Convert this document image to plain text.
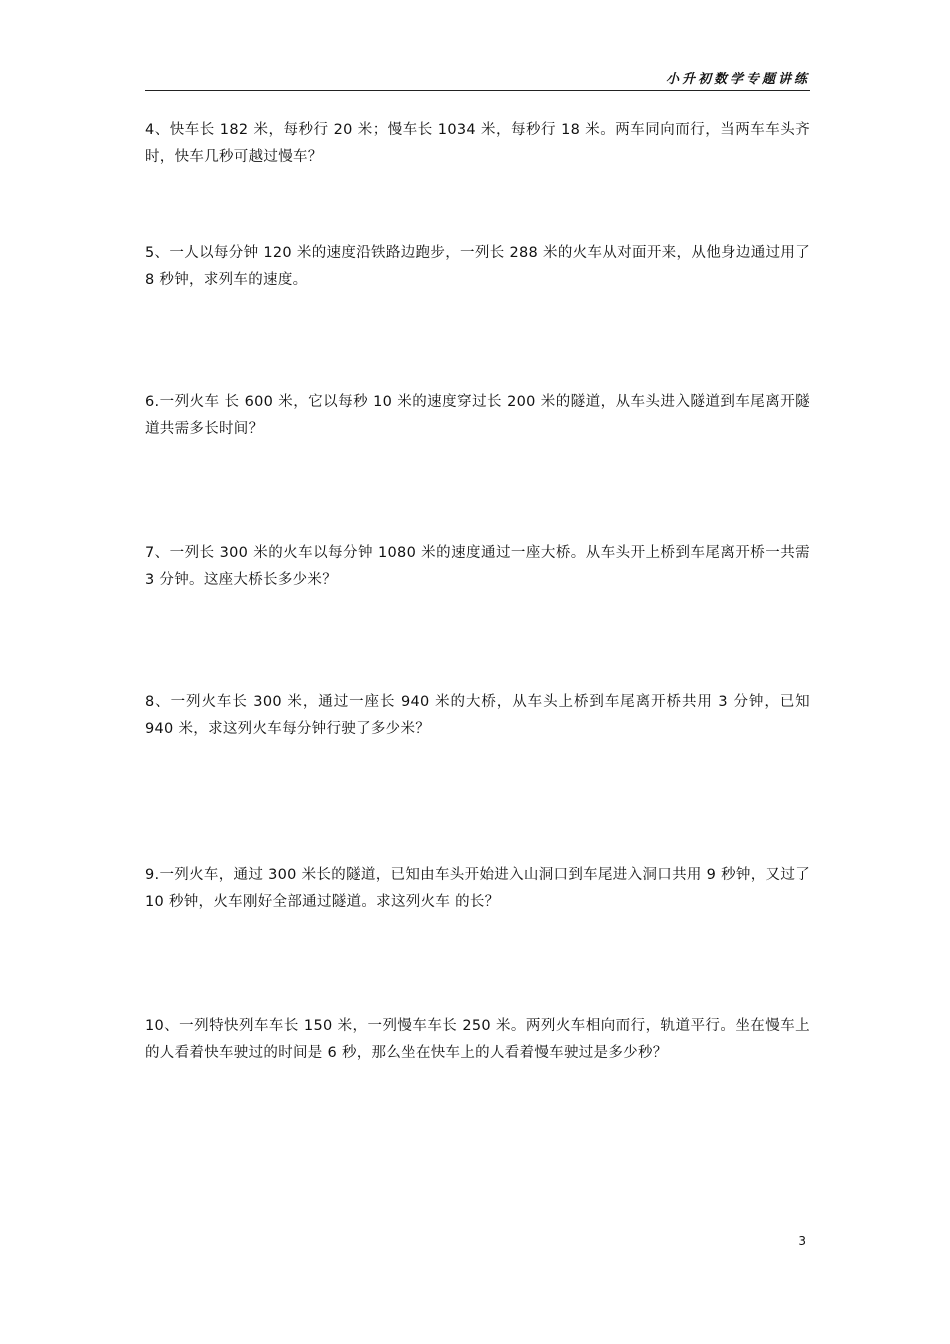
小升初数学专题讲练

4、快车长 182 米，每秒行 20 米；慢车长 1034 米，每秒行 18 米。两车同向而行，当两车车头齐时，快车几秒可越过慢车？

5、一人以每分钟 120 米的速度沿铁路边跑步，一列长 288 米的火车从对面开来，从他身边通过用了 8 秒钟，求列车的速度。

6.一列火车 长 600 米，它以每秒 10 米的速度穿过长 200 米的隧道，从车头进入隧道到车尾离开隧道共需多长时间？

7、一列长 300 米的火车以每分钟 1080 米的速度通过一座大桥。从车头开上桥到车尾离开桥一共需 3 分钟。这座大桥长多少米？

8、一列火车长 300 米，通过一座长 940 米的大桥，从车头上桥到车尾离开桥共用 3 分钟，已知 940 米，求这列火车每分钟行驶了多少米？

9.一列火车，通过 300 米长的隧道，已知由车头开始进入山洞口到车尾进入洞口共用 9 秒钟，又过了 10 秒钟，火车刚好全部通过隧道。求这列火车 的长？

10、一列特快列车车长 150 米，一列慢车车长 250 米。两列火车相向而行，轨道平行。坐在慢车上的人看着快车驶过的时间是 6 秒，那么坐在快车上的人看着慢车驶过是多少秒？

3
